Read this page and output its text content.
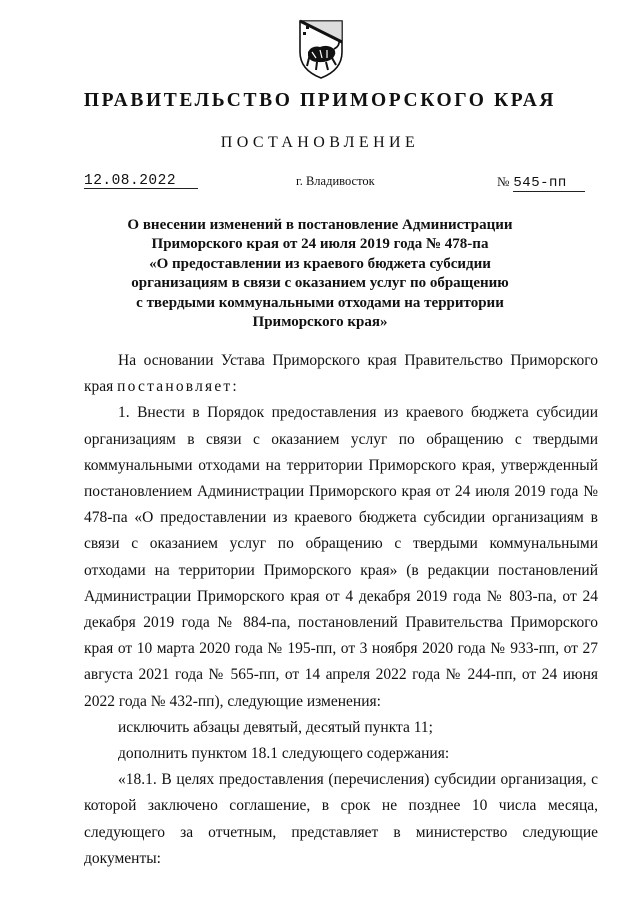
ПРАВИТЕЛЬСТВО ПРИМОРСКОГО КРАЯ
ПОСТАНОВЛЕНИЕ
12.08.2022	г. Владивосток	№ 545-пп
О внесении изменений в постановление Администрации
Приморского края от 24 июля 2019 года № 478-па
«О предоставлении из краевого бюджета субсидии
организациям в связи с оказанием услуг по обращению
с твердыми коммунальными отходами на территории
Приморского края»

На основании Устава Приморского края Правительство Приморского края постановляет:

1. Внести в Порядок предоставления из краевого бюджета субсидии организациям в связи с оказанием услуг по обращению с твердыми коммунальными отходами на территории Приморского края, утвержденный постановлением Администрации Приморского края от 24 июля 2019 года № 478-па «О предоставлении из краевого бюджета субсидии организациям в связи с оказанием услуг по обращению с твердыми коммунальными отходами на территории Приморского края» (в редакции постановлений Администрации Приморского края от 4 декабря 2019 года № 803-па, от 24 декабря 2019 года № 884-па, постановлений Правительства Приморского края от 10 марта 2020 года № 195-пп, от 3 ноября 2020 года № 933-пп, от 27 августа 2021 года № 565-пп, от 14 апреля 2022 года № 244-пп, от 24 июня 2022 года № 432-пп), следующие изменения:

исключить абзацы девятый, десятый пункта 11;

дополнить пунктом 18.1 следующего содержания:

«18.1. В целях предоставления (перечисления) субсидии организация, с которой заключено соглашение, в срок не позднее 10 числа месяца, следующего за отчетным, представляет в министерство следующие документы:
